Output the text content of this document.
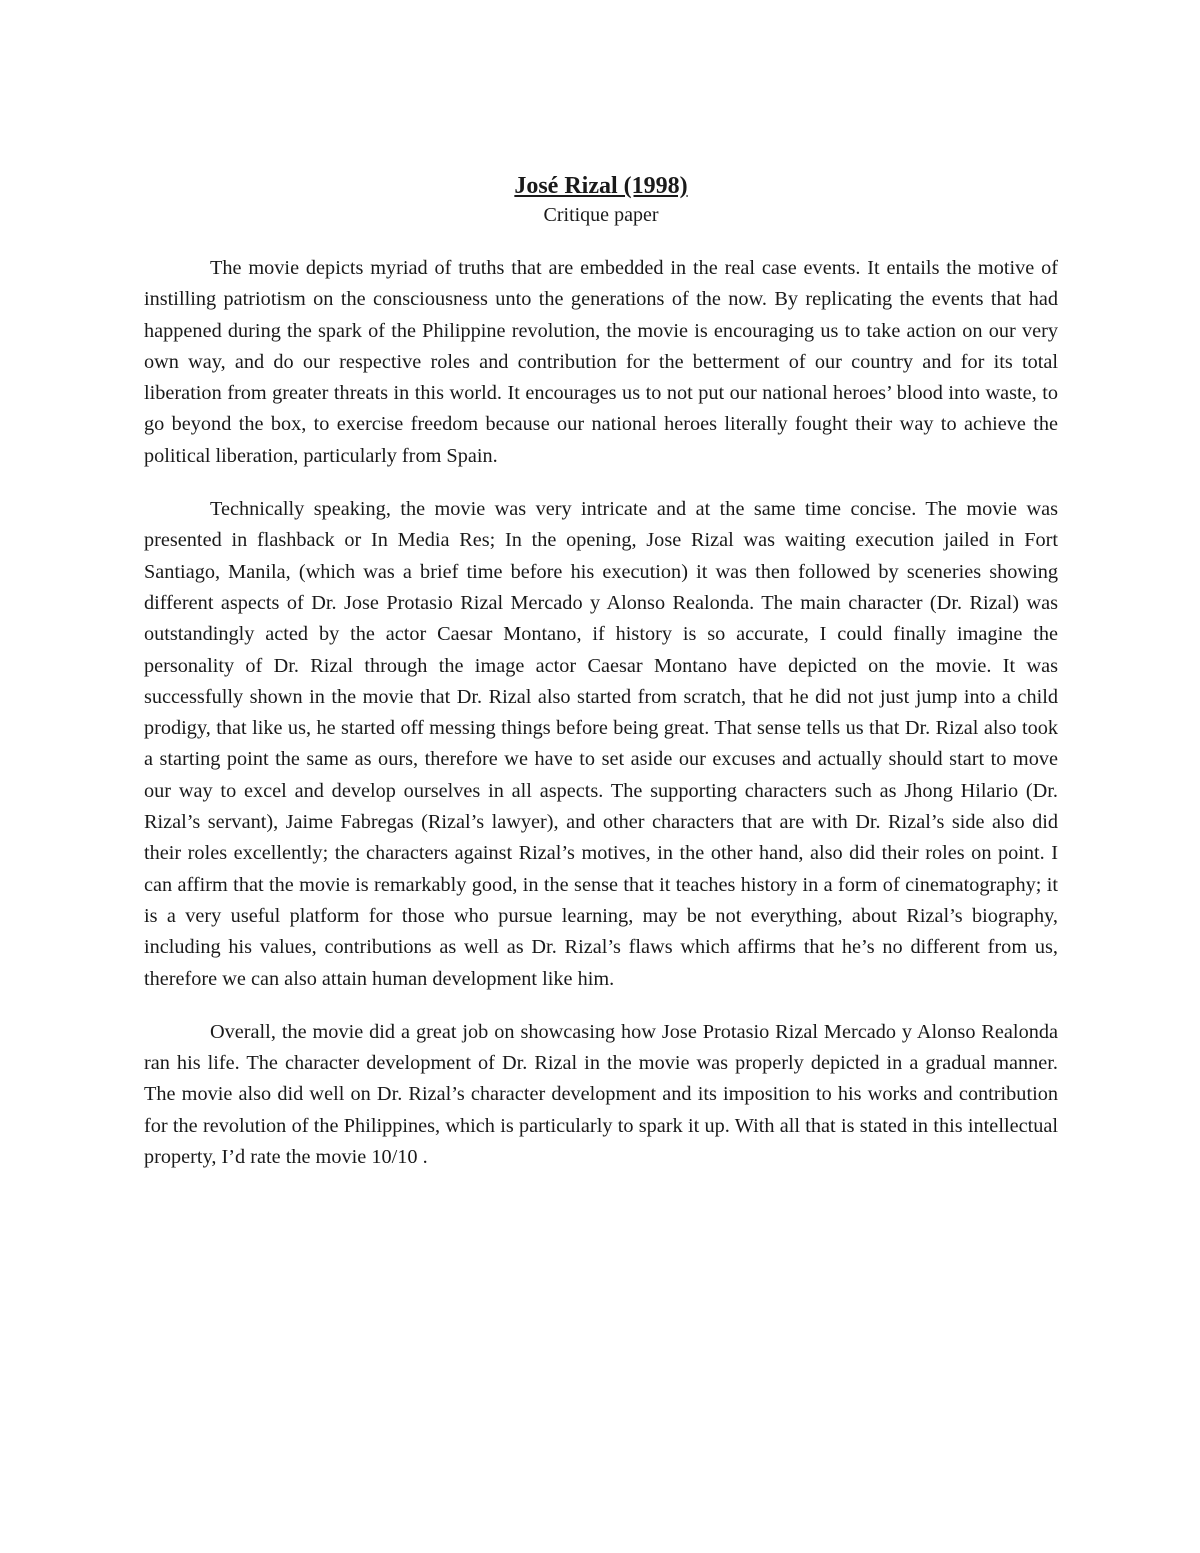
José Rizal (1998)

Critique paper

The movie depicts myriad of truths that are embedded in the real case events. It entails the motive of instilling patriotism on the consciousness unto the generations of the now. By replicating the events that had happened during the spark of the Philippine revolution, the movie is encouraging us to take action on our very own way, and do our respective roles and contribution for the betterment of our country and for its total liberation from greater threats in this world. It encourages us to not put our national heroes’ blood into waste, to go beyond the box, to exercise freedom because our national heroes literally fought their way to achieve the political liberation, particularly from Spain.

Technically speaking, the movie was very intricate and at the same time concise. The movie was presented in flashback or In Media Res; In the opening, Jose Rizal was waiting execution jailed in Fort Santiago, Manila, (which was a brief time before his execution) it was then followed by sceneries showing different aspects of Dr. Jose Protasio Rizal Mercado y Alonso Realonda. The main character (Dr. Rizal) was outstandingly acted by the actor Caesar Montano, if history is so accurate, I could finally imagine the personality of Dr. Rizal through the image actor Caesar Montano have depicted on the movie. It was successfully shown in the movie that Dr. Rizal also started from scratch, that he did not just jump into a child prodigy, that like us, he started off messing things before being great. That sense tells us that Dr. Rizal also took a starting point the same as ours, therefore we have to set aside our excuses and actually should start to move our way to excel and develop ourselves in all aspects. The supporting characters such as Jhong Hilario (Dr. Rizal’s servant), Jaime Fabregas (Rizal’s lawyer), and other characters that are with Dr. Rizal’s side also did their roles excellently; the characters against Rizal’s motives, in the other hand, also did their roles on point. I can affirm that the movie is remarkably good, in the sense that it teaches history in a form of cinematography; it is a very useful platform for those who pursue learning, may be not everything, about Rizal’s biography, including his values, contributions as well as Dr. Rizal’s flaws which affirms that he’s no different from us, therefore we can also attain human development like him.

Overall, the movie did a great job on showcasing how Jose Protasio Rizal Mercado y Alonso Realonda ran his life. The character development of Dr. Rizal in the movie was properly depicted in a gradual manner. The movie also did well on Dr. Rizal’s character development and its imposition to his works and contribution for the revolution of the Philippines, which is particularly to spark it up. With all that is stated in this intellectual property, I’d rate the movie 10/10 .
